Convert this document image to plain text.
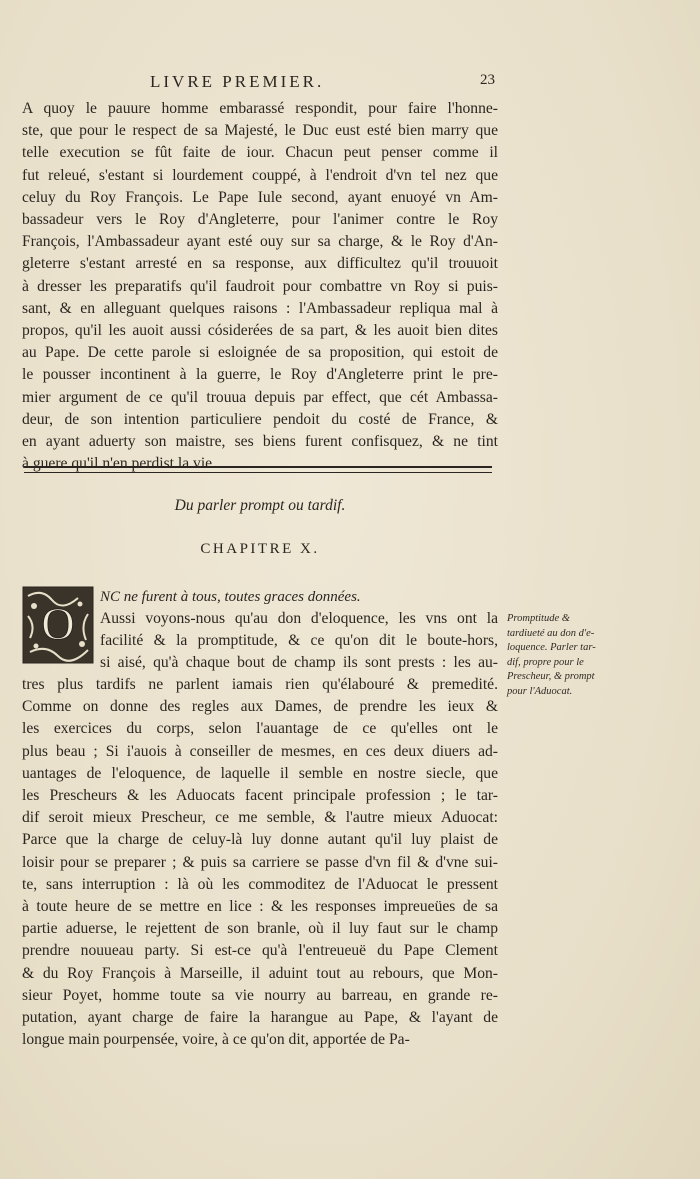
LIVRE PREMIER.	23
A quoy le pauure homme embarassé respondit, pour faire l'honne-
ste, que pour le respect de sa Majesté, le Duc eust esté bien marry que
telle execution se fût faite de iour. Chacun peut penser comme il
fut releué, s'estant si lourdement couppé, à l'endroit d'vn tel nez que
celuy du Roy François. Le Pape Iule second, ayant enuoyé vn Am-
bassadeur vers le Roy d'Angleterre, pour l'animer contre le Roy
François, l'Ambassadeur ayant esté ouy sur sa charge, & le Roy d'An-
gleterre s'estant arresté en sa response, aux difficultez qu'il trouuoit
à dresser les preparatifs qu'il faudroit pour combattre vn Roy si puis-
sant, & en alleguant quelques raisons : l'Ambassadeur repliqua mal à
propos, qu'il les auoit aussi cósiderées de sa part, & les auoit bien dites
au Pape. De cette parole si esloignée de sa proposition, qui estoit de
le pousser incontinent à la guerre, le Roy d'Angleterre print le pre-
mier argument de ce qu'il trouua depuis par effect, que cét Ambassa-
deur, de son intention particuliere pendoit du costé de France, &
en ayant aduerty son maistre, ses biens furent confisquez, & ne tint
à guere qu'il n'en perdist la vie.
Du parler prompt ou tardif.
CHAPITRE X.
O
NC ne furent à tous, toutes graces données.
Aussi voyons-nous qu'au don d'eloquence, les vns ont la
facilité & la promptitude, & ce qu'on dit le boute-hors,
si aisé, qu'à chaque bout de champ ils sont prests : les au-
tres plus tardifs ne parlent iamais rien qu'élabouré & premedité.
Comme on donne des regles aux Dames, de prendre les ieux &
les exercices du corps, selon l'auantage de ce qu'elles ont le
plus beau ; Si i'auois à conseiller de mesmes, en ces deux diuers ad-
uantages de l'eloquence, de laquelle il semble en nostre siecle, que
les Prescheurs & les Aduocats facent principale profession ; le tar-
dif seroit mieux Prescheur, ce me semble, & l'autre mieux Aduocat:
Parce que la charge de celuy-là luy donne autant qu'il luy plaist de
loisir pour se preparer ; & puis sa carriere se passe d'vn fil & d'vne sui-
te, sans interruption : là où les commoditez de l'Aduocat le pressent
à toute heure de se mettre en lice : & les responses impreueües de sa
partie aduerse, le rejettent de son branle, où il luy faut sur le champ
prendre nouueau party. Si est-ce qu'à l'entreueuë du Pape Clement
& du Roy François à Marseille, il aduint tout au rebours, que Mon-
sieur Poyet, homme toute sa vie nourry au barreau, en grande re-
putation, ayant charge de faire la harangue au Pape, & l'ayant de
longue main pourpensée, voire, à ce qu'on dit, apportée de Pa-
Promptitude &
tardiueté au don d'e-
loquence. Parler tar-
dif, propre pour le
Prescheur, & prompt
pour l'Aduocat.
